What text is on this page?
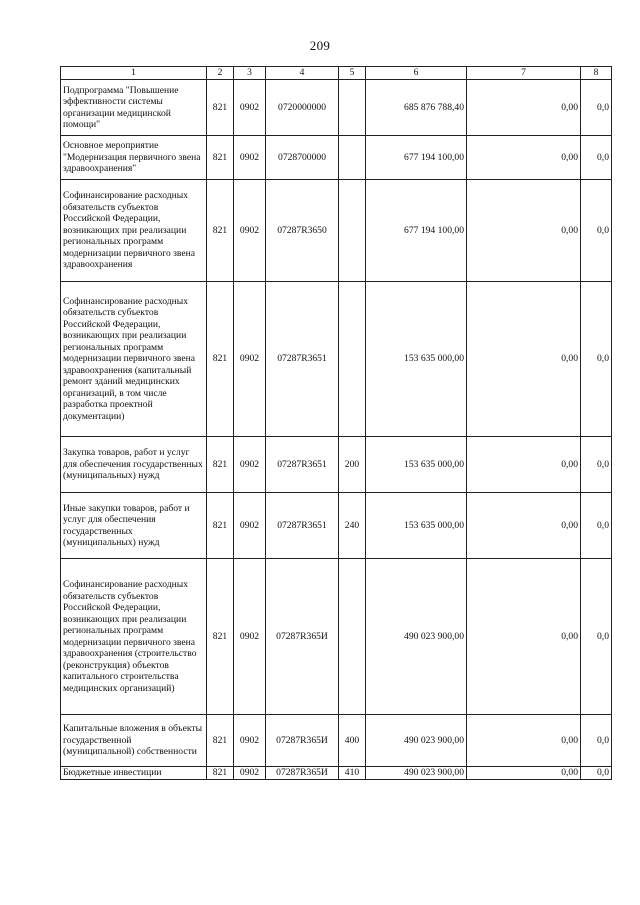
209
1	2	3	4	5	6	7	8
Подпрограмма "Повышение эффективности системы организации медицинской помощи"	821	0902	0720000000		685 876 788,40	0,00	0,0
Основное мероприятие "Модернизация первичного звена здравоохранения"	821	0902	0728700000		677 194 100,00	0,00	0,0
Софинансирование расходных обязательств субъектов Российской Федерации, возникающих при реализации региональных программ модернизации первичного звена здравоохранения	821	0902	07287R3650		677 194 100,00	0,00	0,0
Софинансирование расходных обязательств субъектов Российской Федерации, возникающих при реализации региональных программ модернизации первичного звена здравоохранения (капитальный ремонт зданий медицинских организаций, в том числе разработка проектной документации)	821	0902	07287R3651		153 635 000,00	0,00	0,0
Закупка товаров, работ и услуг для обеспечения государственных (муниципальных) нужд	821	0902	07287R3651	200	153 635 000,00	0,00	0,0
Иные закупки товаров, работ и услуг для обеспечения государственных (муниципальных) нужд	821	0902	07287R3651	240	153 635 000,00	0,00	0,0
Софинансирование расходных обязательств субъектов Российской Федерации, возникающих при реализации региональных программ модернизации первичного звена здравоохранения (строительство (реконструкция) объектов капитального строительства медицинских организаций)	821	0902	07287R365И		490 023 900,00	0,00	0,0
Капитальные вложения в объекты государственной (муниципальной) собственности	821	0902	07287R365И	400	490 023 900,00	0,00	0,0
Бюджетные инвестиции	821	0902	07287R365И	410	490 023 900,00	0,00	0,0
